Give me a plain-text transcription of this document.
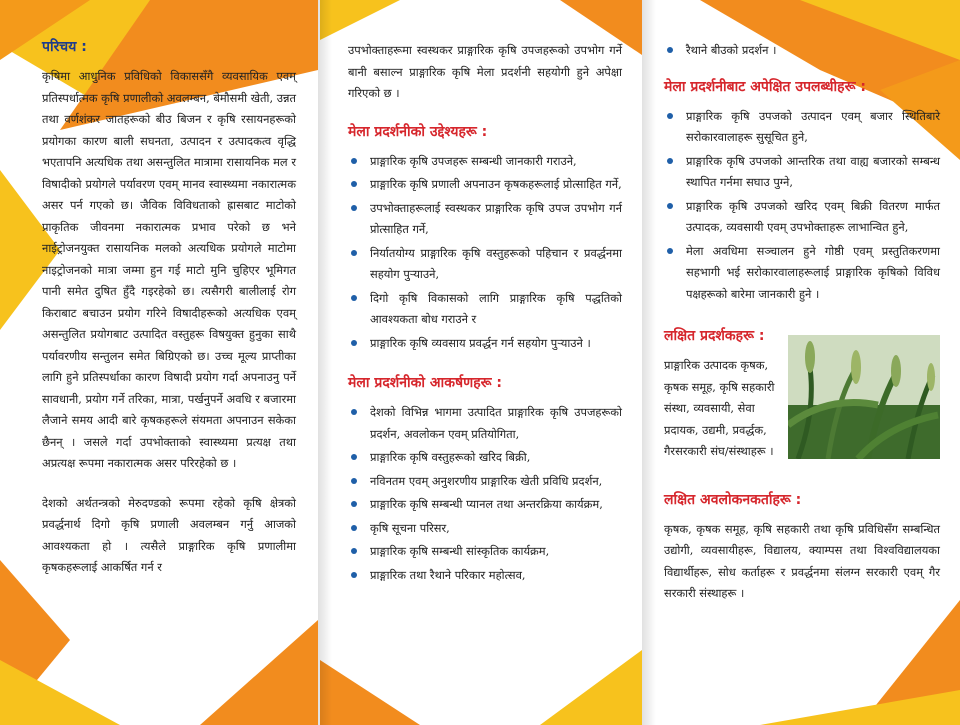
परिचय :

कृषिमा आधुनिक प्रविधिको विकाससँगै व्यवसायिक एवम् प्रतिस्पर्धात्मक कृषि प्रणालीको अवलम्बन, बेमौसमी खेती, उन्नत तथा वर्णशंकर जातहरूको बीउ बिजन र कृषि रसायनहरूको प्रयोगका कारण बाली सघनता, उत्पादन र उत्पादकत्व वृद्धि भएतापनि अत्यधिक तथा असन्तुलित मात्रामा रासायनिक मल र विषादीको प्रयोगले पर्यावरण एवम् मानव स्वास्थ्यमा नकारात्मक असर पर्न गएको छ। जैविक विविधताको ह्रासबाट माटोको प्राकृतिक जीवनमा नकारात्मक प्रभाव परेको छ भने नाईट्रोजनयुक्त रासायनिक मलको अत्यधिक प्रयोगले माटोमा नाइट्रोजनको मात्रा जम्मा हुन गई माटो मुनि चुहिएर भूमिगत पानी समेत दुषित हुँदै गइरहेको छ। त्यसैगरी बालीलाई रोग किराबाट बचाउन प्रयोग गरिने विषादीहरूको अत्यधिक एवम् असन्तुलित प्रयोगबाट उत्पादित वस्तुहरू विषयुक्त हुनुका साथै पर्यावरणीय सन्तुलन समेत बिग्रिएको छ। उच्च मूल्य प्राप्तीका लागि हुने प्रतिस्पर्धाका कारण विषादी प्रयोग गर्दा अपनाउनु पर्ने सावधानी, प्रयोग गर्ने तरिका, मात्रा, पर्खनुपर्ने अवधि र बजारमा लैजाने समय आदी बारे कृषकहरूले संयमता अपनाउन सकेका छैनन् । जसले गर्दा उपभोक्ताको स्वास्थ्यमा प्रत्यक्ष तथा अप्रत्यक्ष रूपमा नकारात्मक असर परिरहेको छ ।

देशको अर्थतन्त्रको मेरुदण्डको रूपमा रहेको कृषि क्षेत्रको प्रवर्द्धनार्थ दिगो कृषि प्रणाली अवलम्बन गर्नु आजको आवश्यकता हो । त्यसैले प्राङ्गारिक कृषि प्रणालीमा कृषकहरूलाई आकर्षित गर्न र

उपभोक्ताहरूमा स्वस्थकर प्राङ्गारिक कृषि उपजहरूको उपभोग गर्ने बानी बसाल्न प्राङ्गारिक कृषि मेला प्रदर्शनी सहयोगी हुने अपेक्षा गरिएको छ ।

मेला प्रदर्शनीको उद्देश्यहरू :
प्राङ्गारिक कृषि उपजहरू सम्बन्धी जानकारी गराउने,
प्राङ्गारिक कृषि प्रणाली अपनाउन कृषकहरूलाई प्रोत्साहित गर्ने,
उपभोक्ताहरूलाई स्वस्थकर प्राङ्गारिक कृषि उपज उपभोग गर्न प्रोत्साहित गर्ने,
निर्यातयोग्य प्राङ्गारिक कृषि वस्तुहरूको पहिचान र प्रवर्द्धनमा सहयोग पुर्‍याउने,
दिगो कृषि विकासको लागि प्राङ्गारिक कृषि पद्धतिको आवश्यकता बोध गराउने र
प्राङ्गारिक कृषि व्यवसाय प्रवर्द्धन गर्न सहयोग पुर्‍याउने ।
मेला प्रदर्शनीको आकर्षणहरू :
देशको विभिन्न भागमा उत्पादित प्राङ्गारिक कृषि उपजहरूको प्रदर्शन, अवलोकन एवम् प्रतियोगिता,
प्राङ्गारिक कृषि वस्तुहरूको खरिद बिक्री,
नविनतम एवम् अनुशरणीय प्राङ्गारिक खेती प्रविधि प्रदर्शन,
प्राङ्गारिक कृषि सम्बन्धी प्यानल तथा अन्तरक्रिया कार्यक्रम,
कृषि सूचना परिसर,
प्राङ्गारिक कृषि सम्बन्धी सांस्कृतिक कार्यक्रम,
प्राङ्गारिक तथा रैथाने परिकार महोत्सव,
रैथाने बीउको प्रदर्शन ।
मेला प्रदर्शनीबाट अपेक्षित उपलब्धीहरू :
प्राङ्गारिक कृषि उपजको उत्पादन एवम् बजार स्थितिबारे सरोकारवालाहरू सुसूचित हुने,
प्राङ्गारिक कृषि उपजको आन्तरिक तथा वाह्य बजारको सम्बन्ध स्थापित गर्नमा सघाउ पुग्ने,
प्राङ्गारिक कृषि उपजको खरिद एवम् बिक्री वितरण मार्फत उत्पादक, व्यवसायी एवम् उपभोक्ताहरू लाभान्वित हुने,
मेला अवधिमा सञ्चालन हुने गोष्ठी एवम् प्रस्तुतिकरणमा सहभागी भई सरोकारवालाहरूलाई प्राङ्गारिक कृषिको विविध पक्षहरूको बारेमा जानकारी हुने ।
लक्षित प्रदर्शकहरू :

प्राङ्गारिक उत्पादक कृषक, कृषक समूह, कृषि सहकारी संस्था, व्यवसायी, सेवा प्रदायक, उद्यमी, प्रवर्द्धक, गैरसरकारी संघ/संस्थाहरू ।

लक्षित अवलोकनकर्ताहरू :

कृषक, कृषक समूह, कृषि सहकारी तथा कृषि प्रविधिसँग सम्बन्धित उद्योगी, व्यवसायीहरू, विद्यालय, क्याम्पस तथा विश्वविद्यालयका विद्यार्थीहरू, सोध कर्ताहरू र प्रवर्द्धनमा संलग्न सरकारी एवम् गैर सरकारी संस्थाहरू ।
